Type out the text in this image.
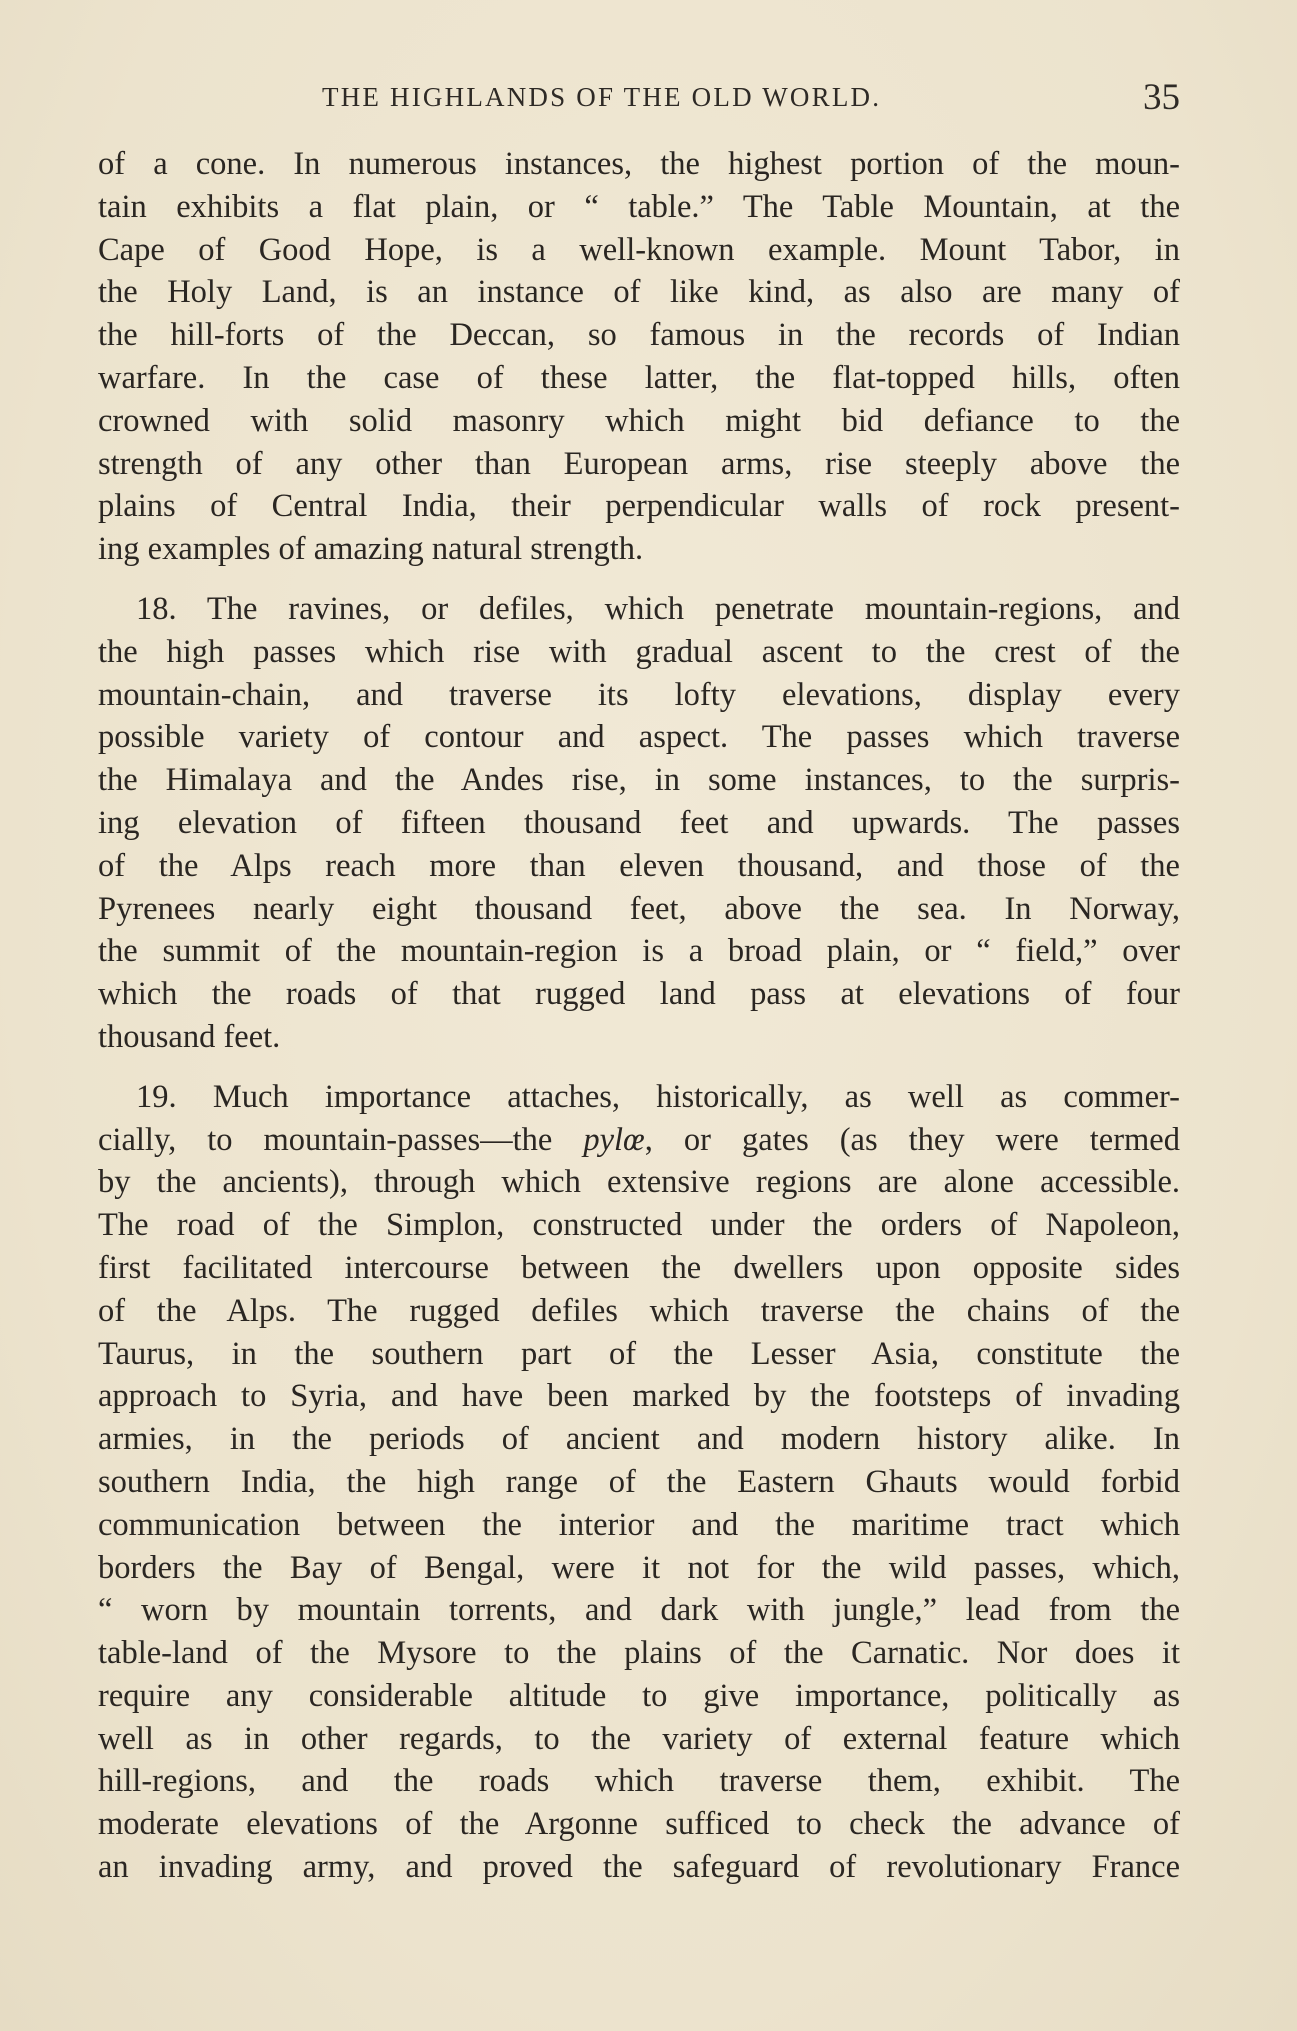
THE HIGHLANDS OF THE OLD WORLD.	35

of a cone. In numerous instances, the highest portion of the moun-
tain exhibits a flat plain, or “ table.” The Table Mountain, at the
Cape of Good Hope, is a well-known example. Mount Tabor, in
the Holy Land, is an instance of like kind, as also are many of
the hill-forts of the Deccan, so famous in the records of Indian
warfare. In the case of these latter, the flat-topped hills, often
crowned with solid masonry which might bid defiance to the
strength of any other than European arms, rise steeply above the
plains of Central India, their perpendicular walls of rock present-
ing examples of amazing natural strength.

18. The ravines, or defiles, which penetrate mountain-regions, and
the high passes which rise with gradual ascent to the crest of the
mountain-chain, and traverse its lofty elevations, display every
possible variety of contour and aspect. The passes which traverse
the Himalaya and the Andes rise, in some instances, to the surpris-
ing elevation of fifteen thousand feet and upwards. The passes
of the Alps reach more than eleven thousand, and those of the
Pyrenees nearly eight thousand feet, above the sea. In Norway,
the summit of the mountain-region is a broad plain, or “ field,” over
which the roads of that rugged land pass at elevations of four
thousand feet.

19. Much importance attaches, historically, as well as commer-
cially, to mountain-passes—the pylœ, or gates (as they were termed
by the ancients), through which extensive regions are alone accessible.
The road of the Simplon, constructed under the orders of Napoleon,
first facilitated intercourse between the dwellers upon opposite sides
of the Alps. The rugged defiles which traverse the chains of the
Taurus, in the southern part of the Lesser Asia, constitute the
approach to Syria, and have been marked by the footsteps of invading
armies, in the periods of ancient and modern history alike. In
southern India, the high range of the Eastern Ghauts would forbid
communication between the interior and the maritime tract which
borders the Bay of Bengal, were it not for the wild passes, which,
“ worn by mountain torrents, and dark with jungle,” lead from the
table-land of the Mysore to the plains of the Carnatic. Nor does it
require any considerable altitude to give importance, politically as
well as in other regards, to the variety of external feature which
hill-regions, and the roads which traverse them, exhibit. The
moderate elevations of the Argonne sufficed to check the advance of
an invading army, and proved the safeguard of revolutionary France
